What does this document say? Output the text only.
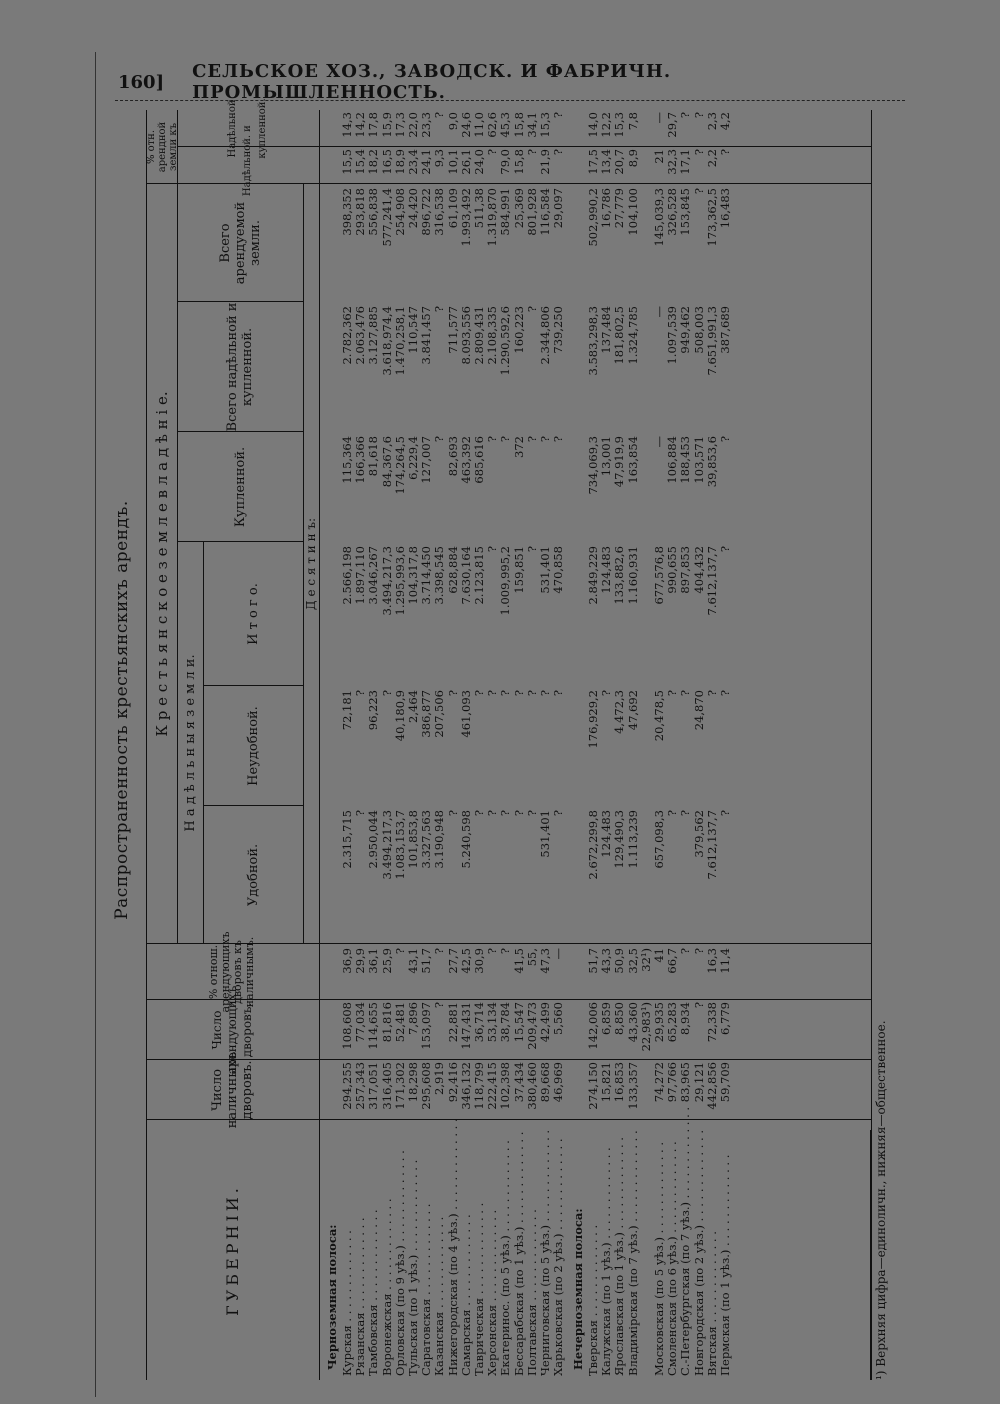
160] СЕЛЬСКОЕ ХОЗ., ЗАВОДСК. И ФАБРИЧН. ПРОМЫШЛЕННОСТЬ.
Распространенность крестьянскихъ арендъ.
ГУБЕРНІИ.
Число наличныхъ дворовъ.
Число арендующихъ дворовъ.
% отнош. арендующихъ дворовъ къ наличнымъ.
К р е с т ь я н с к о е з е м л е в л а д ѣ н і е.
Н а д ѣ л ь н ы я з е м л и.
Удобной.
Неудобной.
И т о г о.
Купленной.
Всего надѣльной и купленной.
Всего арендуемой земли.
% отн. арендной земли къ	Надѣльной.
Надѣльной и купленной.
Д е с я т и н ъ:
Черноземная полоса:	Нечерноземная полоса:
Курская . . . . . . . . . . . . .
294,255
108,608
36,9
2.315,715
72,181
2.566,198
115,364
2.782,362
398,352
15,5
14,3
Рязанская . . . . . . . . . . . . .
257,343
77,034
29,9
?
?
1.897,110
166,366
2.063,476
293,818
15,4
14,2
Тамбовская . . . . . . . . . . . . .
317,051
114,655
36,1
2.950,044
96,223
3.046,267
81,618
3.127,885
556,838
18,2
17,8
Воронежская . . . . . . . . . . . . .
316,405
81,816
25,9
3.494,217,3
?
3.494,217,3
84,367,6
3.618,974,4
577,241,4
16,5
15,9
Орловская (по 9 уѣз.) . . . . . . . . . . . . .
171,302
52,481
?
1.083,153,7
40,180,9
1.295,993,6
174,264,5
1.470,258,1
254,908
18,9
17,3
Тульская (по 1 уѣз.) . . . . . . . . . . . . .
18,298
7,896
43,1
101,853,8
2,464
104,317,8
6,229,4
110,547
24,420
23,4
22,0
Саратовская . . . . . . . . . . . . .
295,608
153,097
51,7
3.327,563
386,877
3.714,450
127,007
3.841,457
896,722
24,1
23,3
Казанская . . . . . . . . . . . . .
2,919
?
?
3.190,948
207,506
3.398,545
?
?
316,538
9,3
?
Нижегородская (по 4 уѣз.) . . . . . . . . . . . . .
92,416
22,881
27,7
?
?
628,884
82,693
711,577
61,109
10,1
9,0
Самарская . . . . . . . . . . . . .
346,132
147,431
42,5
5.240,598
461,093
7.630,164
463,392
8.093,556
1.993,492
26,1
24,6
Таврическая . . . . . . . . . . . . .
118,799
36,714
30,9
?
?
2.123,815
685,616
2.809,431
511,38
24,0
11,0
Херсонская . . . . . . . . . . . . .
222,415
53,134
?
?
?
?
?
2.108,335
1.319,870
?
62,6
Екатеринос. (по 5 уѣз.) . . . . . . . . . . . . .
102,398
38,784
?
?
?
1.009,995,2
?
1.290,592,6
584,991
79,0
45,3
Бессарабская (по 1 уѣз.) . . . . . . . . . . . . .
37,434
15,547
41,5
?
?
159,851
372
160,223
25,369
15,8
15,8
Полтавская . . . . . . . . . . . . .
380,460
209,473
55,
?
?
?
?
?
801,928
?
34,1
Черниговская (по 5 уѣз.) . . . . . . . . . . . . .
89,668
42,499
47,3
531,401
?
531,401
?
2.344,806
116,584
21,9
15,3
Харьковская (по 2 уѣз.) . . . . . . . . . . . . .
46,969
5,560
—
?
?
470,858
?
739,250
29,097
?
?
Тверская . . . . . . . . . . . . .
274,150
142,006
51,7
2.672,299,8
176,929,2
2.849,229
734,069,3
3.583,298,3
502,990,2
17,5
14,0
Калужская (по 1 уѣз.) . . . . . . . . . . . . .
15,821
6,859
43,3
124,483
?
124,483
13,001
137,484
16,786
13,4
12,2
Ярославская (по 1 уѣз.) . . . . . . . . . . . . .
16,853
8,850
50,9
129,490,3
4,472,3
133,882,6
47,919,9
181,802,5
27,779
20,7
15,3
Владимірская (по 7 уѣз.) . . . . . . . . . . . . .
133,357
43,360
32,5
1.113,239
47,692
1.160,931
163,854
1.324,785
104,100
8,9
7,8
22,983¹)
32¹)
Московская (по 5 уѣз.) . . . . . . . . . . . . .
74,272
29,935
41
657,098,3
20,478,5
677,576,8
—
—
145,039,3
21
—
Смоленская (по 6 уѣз.) . . . . . . . . . . . . .
97,766
65,283
66,7
?
?
990,655
106,884
1.097,539
326,528
32,3
29,7
С.-Петербургская (по 7 уѣз.) . . . . . . . . . . . . .
83,965
8,934
?
?
?
897,853
188,453
949,462
153,845
17,1
?
Новгородская (по 2 уѣз.) . . . . . . . . . . . . .
29,121
?
?
379,562
24,870
404,432
103,571
508,003
?
?
?
Вятская . . . . . . . . . . . . .
442,856
72,338
16,3
7.612,137,7
?
7.612,137,7
39,853,6
7.651,991,3
173,362,5
2,2
2,3
Пермская (по 1 уѣз.) . . . . . . . . . . . . .
59,709
6,779
11,4
?
?
?
?
387,689
16,483
?
4,2
¹) Верхняя цифра—единоличн., нижняя—общественное.
